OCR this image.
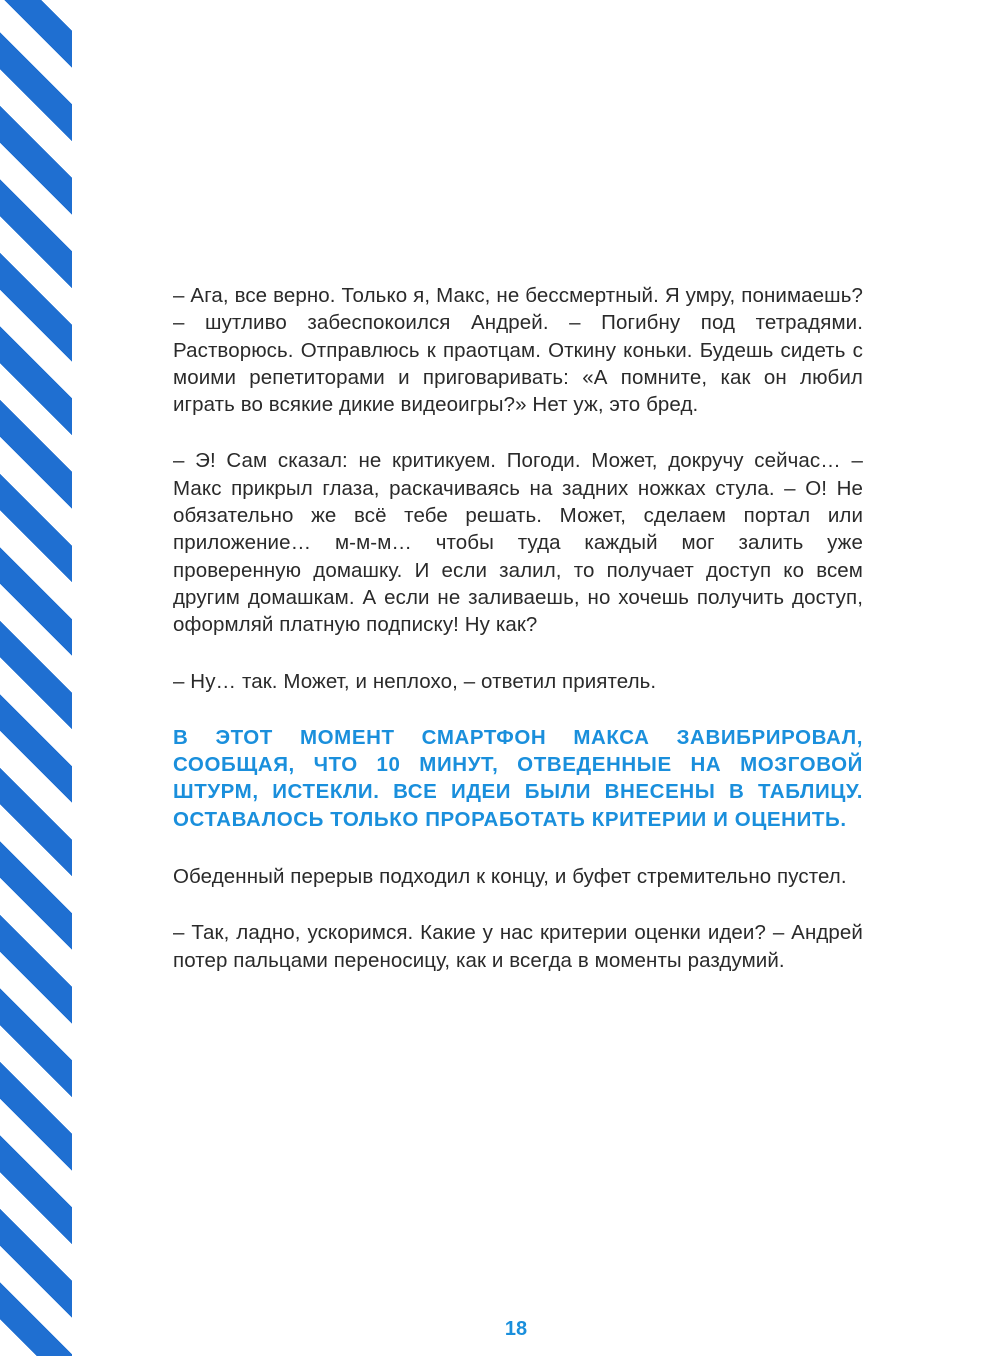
– Ага, все верно. Только я, Макс, не бессмертный. Я умру, понимаешь? – шутливо забеспокоился Андрей. – Погибну под тетрадями. Растворюсь. Отправлюсь к праотцам. Откину коньки. Будешь сидеть с моими репетиторами и приговаривать: «А помните, как он любил играть во всякие дикие видеоигры?» Нет уж, это бред.

– Э! Сам сказал: не критикуем. Погоди. Может, докручу сейчас… – Макс прикрыл глаза, раскачиваясь на задних ножках стула. – О! Не обязательно же всё тебе решать. Может, сделаем портал или приложение… м-м-м… чтобы туда каждый мог залить уже проверенную домашку. И если залил, то получает доступ ко всем другим домашкам. А если не заливаешь, но хочешь получить доступ, оформляй платную подписку! Ну как?

– Ну… так. Может, и неплохо, – ответил приятель.

В ЭТОТ МОМЕНТ СМАРТФОН МАКСА ЗАВИБРИРОВАЛ, СООБЩАЯ, ЧТО 10 МИНУТ, ОТВЕДЕННЫЕ НА МОЗГОВОЙ ШТУРМ, ИСТЕКЛИ. ВСЕ ИДЕИ БЫЛИ ВНЕСЕНЫ В ТАБЛИЦУ. ОСТАВАЛОСЬ ТОЛЬКО ПРОРАБОТАТЬ КРИТЕРИИ И ОЦЕНИТЬ.

Обеденный перерыв подходил к концу, и буфет стремительно пустел.

– Так, ладно, ускоримся. Какие у нас критерии оценки идеи? – Андрей потер пальцами переносицу, как и всегда в моменты раздумий.

18
